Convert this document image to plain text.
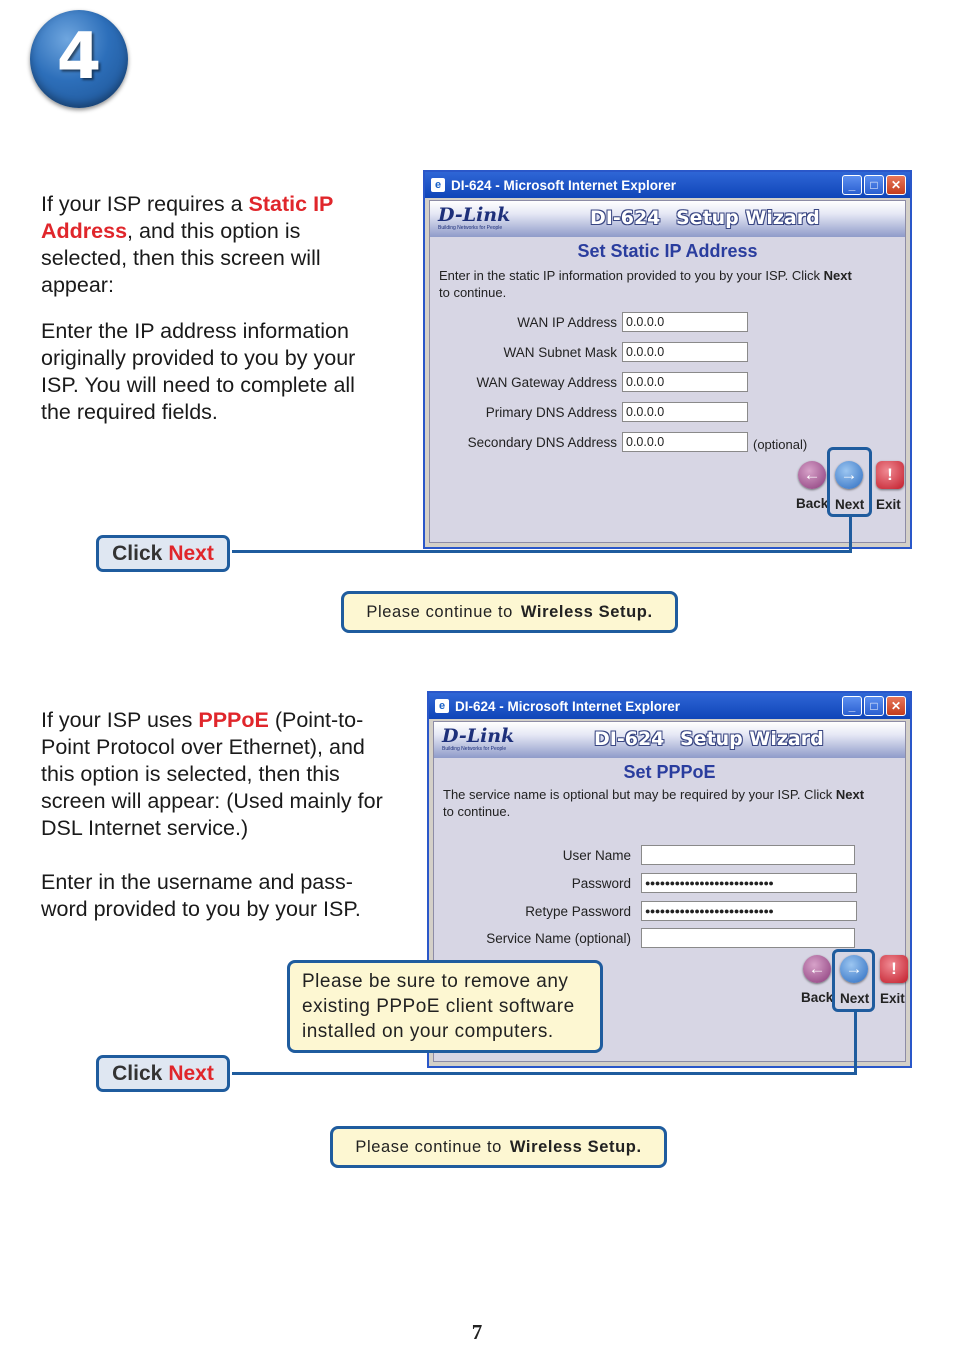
4
If your ISP requires a Static IP
Address, and this option is
selected, then this screen will
appear:
Enter the IP address information
originally provided to you by your
ISP. You will need to complete all
the required fields.
e DI-624 - Microsoft Internet Explorer	_	□	✕
D-Link
Building Networks for People	DI-624 Setup Wizard
Set Static IP Address
Enter in the static IP information provided to you by your ISP. Click Next
to continue.
WAN IP Address 0.0.0.0
WAN Subnet Mask 0.0.0.0
WAN Gateway Address 0.0.0.0
Primary DNS Address 0.0.0.0
Secondary DNS Address 0.0.0.0	(optional)
←	→	!
Back Next Exit
Click Next
Please continue to Wireless Setup.
If your ISP uses PPPoE (Point-to-
Point Protocol over Ethernet), and
this option is selected, then this
screen will appear: (Used mainly for
DSL Internet service.)
Enter in the username and pass-
word provided to you by your ISP.
e DI-624 - Microsoft Internet Explorer	_	□	✕
D-Link
Building Networks for People	DI-624 Setup Wizard
Set PPPoE
The service name is optional but may be required by your ISP. Click Next
to continue.
User Name
Password	●●●●●●●●●●●●●●●●●●●●●●●●●●
Retype Password	●●●●●●●●●●●●●●●●●●●●●●●●●●
Service Name (optional)
←	→	!
Back Next Exit
Please be sure to remove any
existing PPPoE client software
installed on your computers.
Click Next
Please continue to Wireless Setup.
7
